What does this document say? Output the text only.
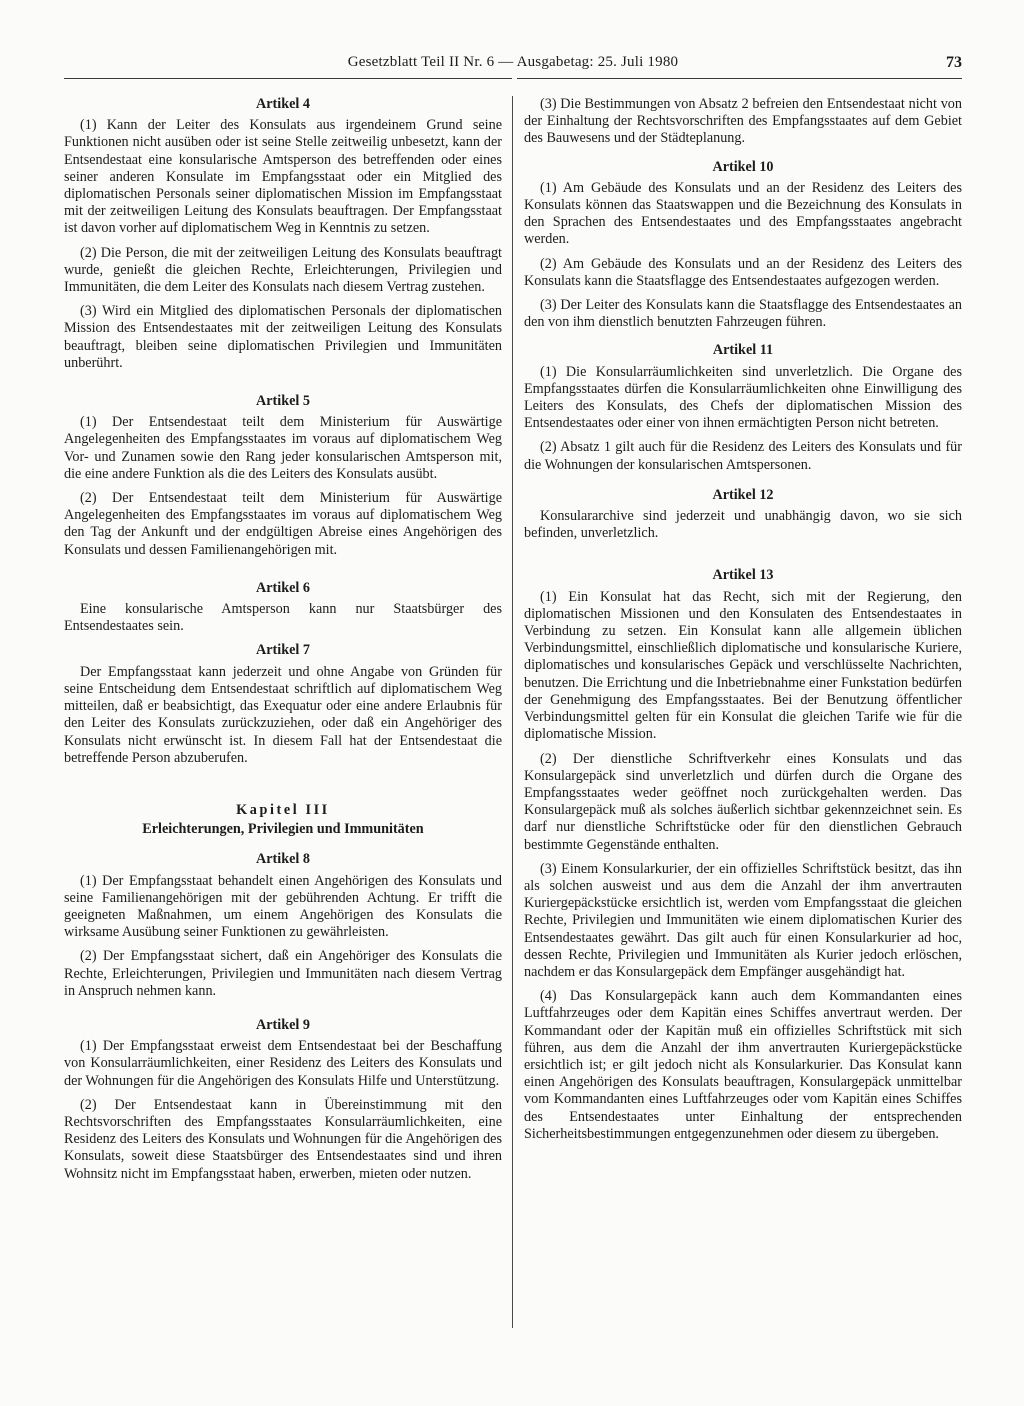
Gesetzblatt Teil II Nr. 6 — Ausgabetag: 25. Juli 1980	73
Artikel 4

(1) Kann der Leiter des Konsulats aus irgendeinem Grund seine Funktionen nicht ausüben oder ist seine Stelle zeitweilig unbesetzt, kann der Entsendestaat eine konsularische Amtsperson des betreffenden oder eines seiner anderen Konsulate im Empfangsstaat oder ein Mitglied des diplomatischen Personals seiner diplomatischen Mission im Empfangsstaat mit der zeitweiligen Leitung des Konsulats beauftragen. Der Empfangsstaat ist davon vorher auf diplomatischem Weg in Kenntnis zu setzen.

(2) Die Person, die mit der zeitweiligen Leitung des Konsulats beauftragt wurde, genießt die gleichen Rechte, Erleichterungen, Privilegien und Immunitäten, die dem Leiter des Konsulats nach diesem Vertrag zustehen.

(3) Wird ein Mitglied des diplomatischen Personals der diplomatischen Mission des Entsendestaates mit der zeitweiligen Leitung des Konsulats beauftragt, bleiben seine diplomatischen Privilegien und Immunitäten unberührt.

Artikel 5

(1) Der Entsendestaat teilt dem Ministerium für Auswärtige Angelegenheiten des Empfangsstaates im voraus auf diplomatischem Weg Vor- und Zunamen sowie den Rang jeder konsularischen Amtsperson mit, die eine andere Funktion als die des Leiters des Konsulats ausübt.

(2) Der Entsendestaat teilt dem Ministerium für Auswärtige Angelegenheiten des Empfangsstaates im voraus auf diplomatischem Weg den Tag der Ankunft und der endgültigen Abreise eines Angehörigen des Konsulats und dessen Familienangehörigen mit.

Artikel 6

Eine konsularische Amtsperson kann nur Staatsbürger des Entsendestaates sein.

Artikel 7

Der Empfangsstaat kann jederzeit und ohne Angabe von Gründen für seine Entscheidung dem Entsendestaat schriftlich auf diplomatischem Weg mitteilen, daß er beabsichtigt, das Exequatur oder eine andere Erlaubnis für den Leiter des Konsulats zurückzuziehen, oder daß ein Angehöriger des Konsulats nicht erwünscht ist. In diesem Fall hat der Entsendestaat die betreffende Person abzuberufen.

Kapitel III
Erleichterungen, Privilegien und Immunitäten
Artikel 8

(1) Der Empfangsstaat behandelt einen Angehörigen des Konsulats und seine Familienangehörigen mit der gebührenden Achtung. Er trifft die geeigneten Maßnahmen, um einem Angehörigen des Konsulats die wirksame Ausübung seiner Funktionen zu gewährleisten.

(2) Der Empfangsstaat sichert, daß ein Angehöriger des Konsulats die Rechte, Erleichterungen, Privilegien und Immunitäten nach diesem Vertrag in Anspruch nehmen kann.

Artikel 9

(1) Der Empfangsstaat erweist dem Entsendestaat bei der Beschaffung von Konsularräumlichkeiten, einer Residenz des Leiters des Konsulats und der Wohnungen für die Angehörigen des Konsulats Hilfe und Unterstützung.

(2) Der Entsendestaat kann in Übereinstimmung mit den Rechtsvorschriften des Empfangsstaates Konsularräumlichkeiten, eine Residenz des Leiters des Konsulats und Wohnungen für die Angehörigen des Konsulats, soweit diese Staatsbürger des Entsendestaates sind und ihren Wohnsitz nicht im Empfangsstaat haben, erwerben, mieten oder nutzen.

(3) Die Bestimmungen von Absatz 2 befreien den Entsendestaat nicht von der Einhaltung der Rechtsvorschriften des Empfangsstaates auf dem Gebiet des Bauwesens und der Städteplanung.

Artikel 10

(1) Am Gebäude des Konsulats und an der Residenz des Leiters des Konsulats können das Staatswappen und die Bezeichnung des Konsulats in den Sprachen des Entsendestaates und des Empfangsstaates angebracht werden.

(2) Am Gebäude des Konsulats und an der Residenz des Leiters des Konsulats kann die Staatsflagge des Entsendestaates aufgezogen werden.

(3) Der Leiter des Konsulats kann die Staatsflagge des Entsendestaates an den von ihm dienstlich benutzten Fahrzeugen führen.

Artikel 11

(1) Die Konsularräumlichkeiten sind unverletzlich. Die Organe des Empfangsstaates dürfen die Konsularräumlichkeiten ohne Einwilligung des Leiters des Konsulats, des Chefs der diplomatischen Mission des Entsendestaates oder einer von ihnen ermächtigten Person nicht betreten.

(2) Absatz 1 gilt auch für die Residenz des Leiters des Konsulats und für die Wohnungen der konsularischen Amtspersonen.

Artikel 12

Konsulararchive sind jederzeit und unabhängig davon, wo sie sich befinden, unverletzlich.

Artikel 13

(1) Ein Konsulat hat das Recht, sich mit der Regierung, den diplomatischen Missionen und den Konsulaten des Entsendestaates in Verbindung zu setzen. Ein Konsulat kann alle allgemein üblichen Verbindungsmittel, einschließlich diplomatische und konsularische Kuriere, diplomatisches und konsularisches Gepäck und verschlüsselte Nachrichten, benutzen. Die Errichtung und die Inbetriebnahme einer Funkstation bedürfen der Genehmigung des Empfangsstaates. Bei der Benutzung öffentlicher Verbindungsmittel gelten für ein Konsulat die gleichen Tarife wie für die diplomatische Mission.

(2) Der dienstliche Schriftverkehr eines Konsulats und das Konsulargepäck sind unverletzlich und dürfen durch die Organe des Empfangsstaates weder geöffnet noch zurückgehalten werden. Das Konsulargepäck muß als solches äußerlich sichtbar gekennzeichnet sein. Es darf nur dienstliche Schriftstücke oder für den dienstlichen Gebrauch bestimmte Gegenstände enthalten.

(3) Einem Konsularkurier, der ein offizielles Schriftstück besitzt, das ihn als solchen ausweist und aus dem die Anzahl der ihm anvertrauten Kuriergepäckstücke ersichtlich ist, werden vom Empfangsstaat die gleichen Rechte, Privilegien und Immunitäten wie einem diplomatischen Kurier des Entsendestaates gewährt. Das gilt auch für einen Konsularkurier ad hoc, dessen Rechte, Privilegien und Immunitäten als Kurier jedoch erlöschen, nachdem er das Konsulargepäck dem Empfänger ausgehändigt hat.

(4) Das Konsulargepäck kann auch dem Kommandanten eines Luftfahrzeuges oder dem Kapitän eines Schiffes anvertraut werden. Der Kommandant oder der Kapitän muß ein offizielles Schriftstück mit sich führen, aus dem die Anzahl der ihm anvertrauten Kuriergepäckstücke ersichtlich ist; er gilt jedoch nicht als Konsularkurier. Das Konsulat kann einen Angehörigen des Konsulats beauftragen, Konsulargepäck unmittelbar vom Kommandanten eines Luftfahrzeuges oder vom Kapitän eines Schiffes des Entsendestaates unter Einhaltung der entsprechenden Sicherheitsbestimmungen entgegenzunehmen oder diesem zu übergeben.
